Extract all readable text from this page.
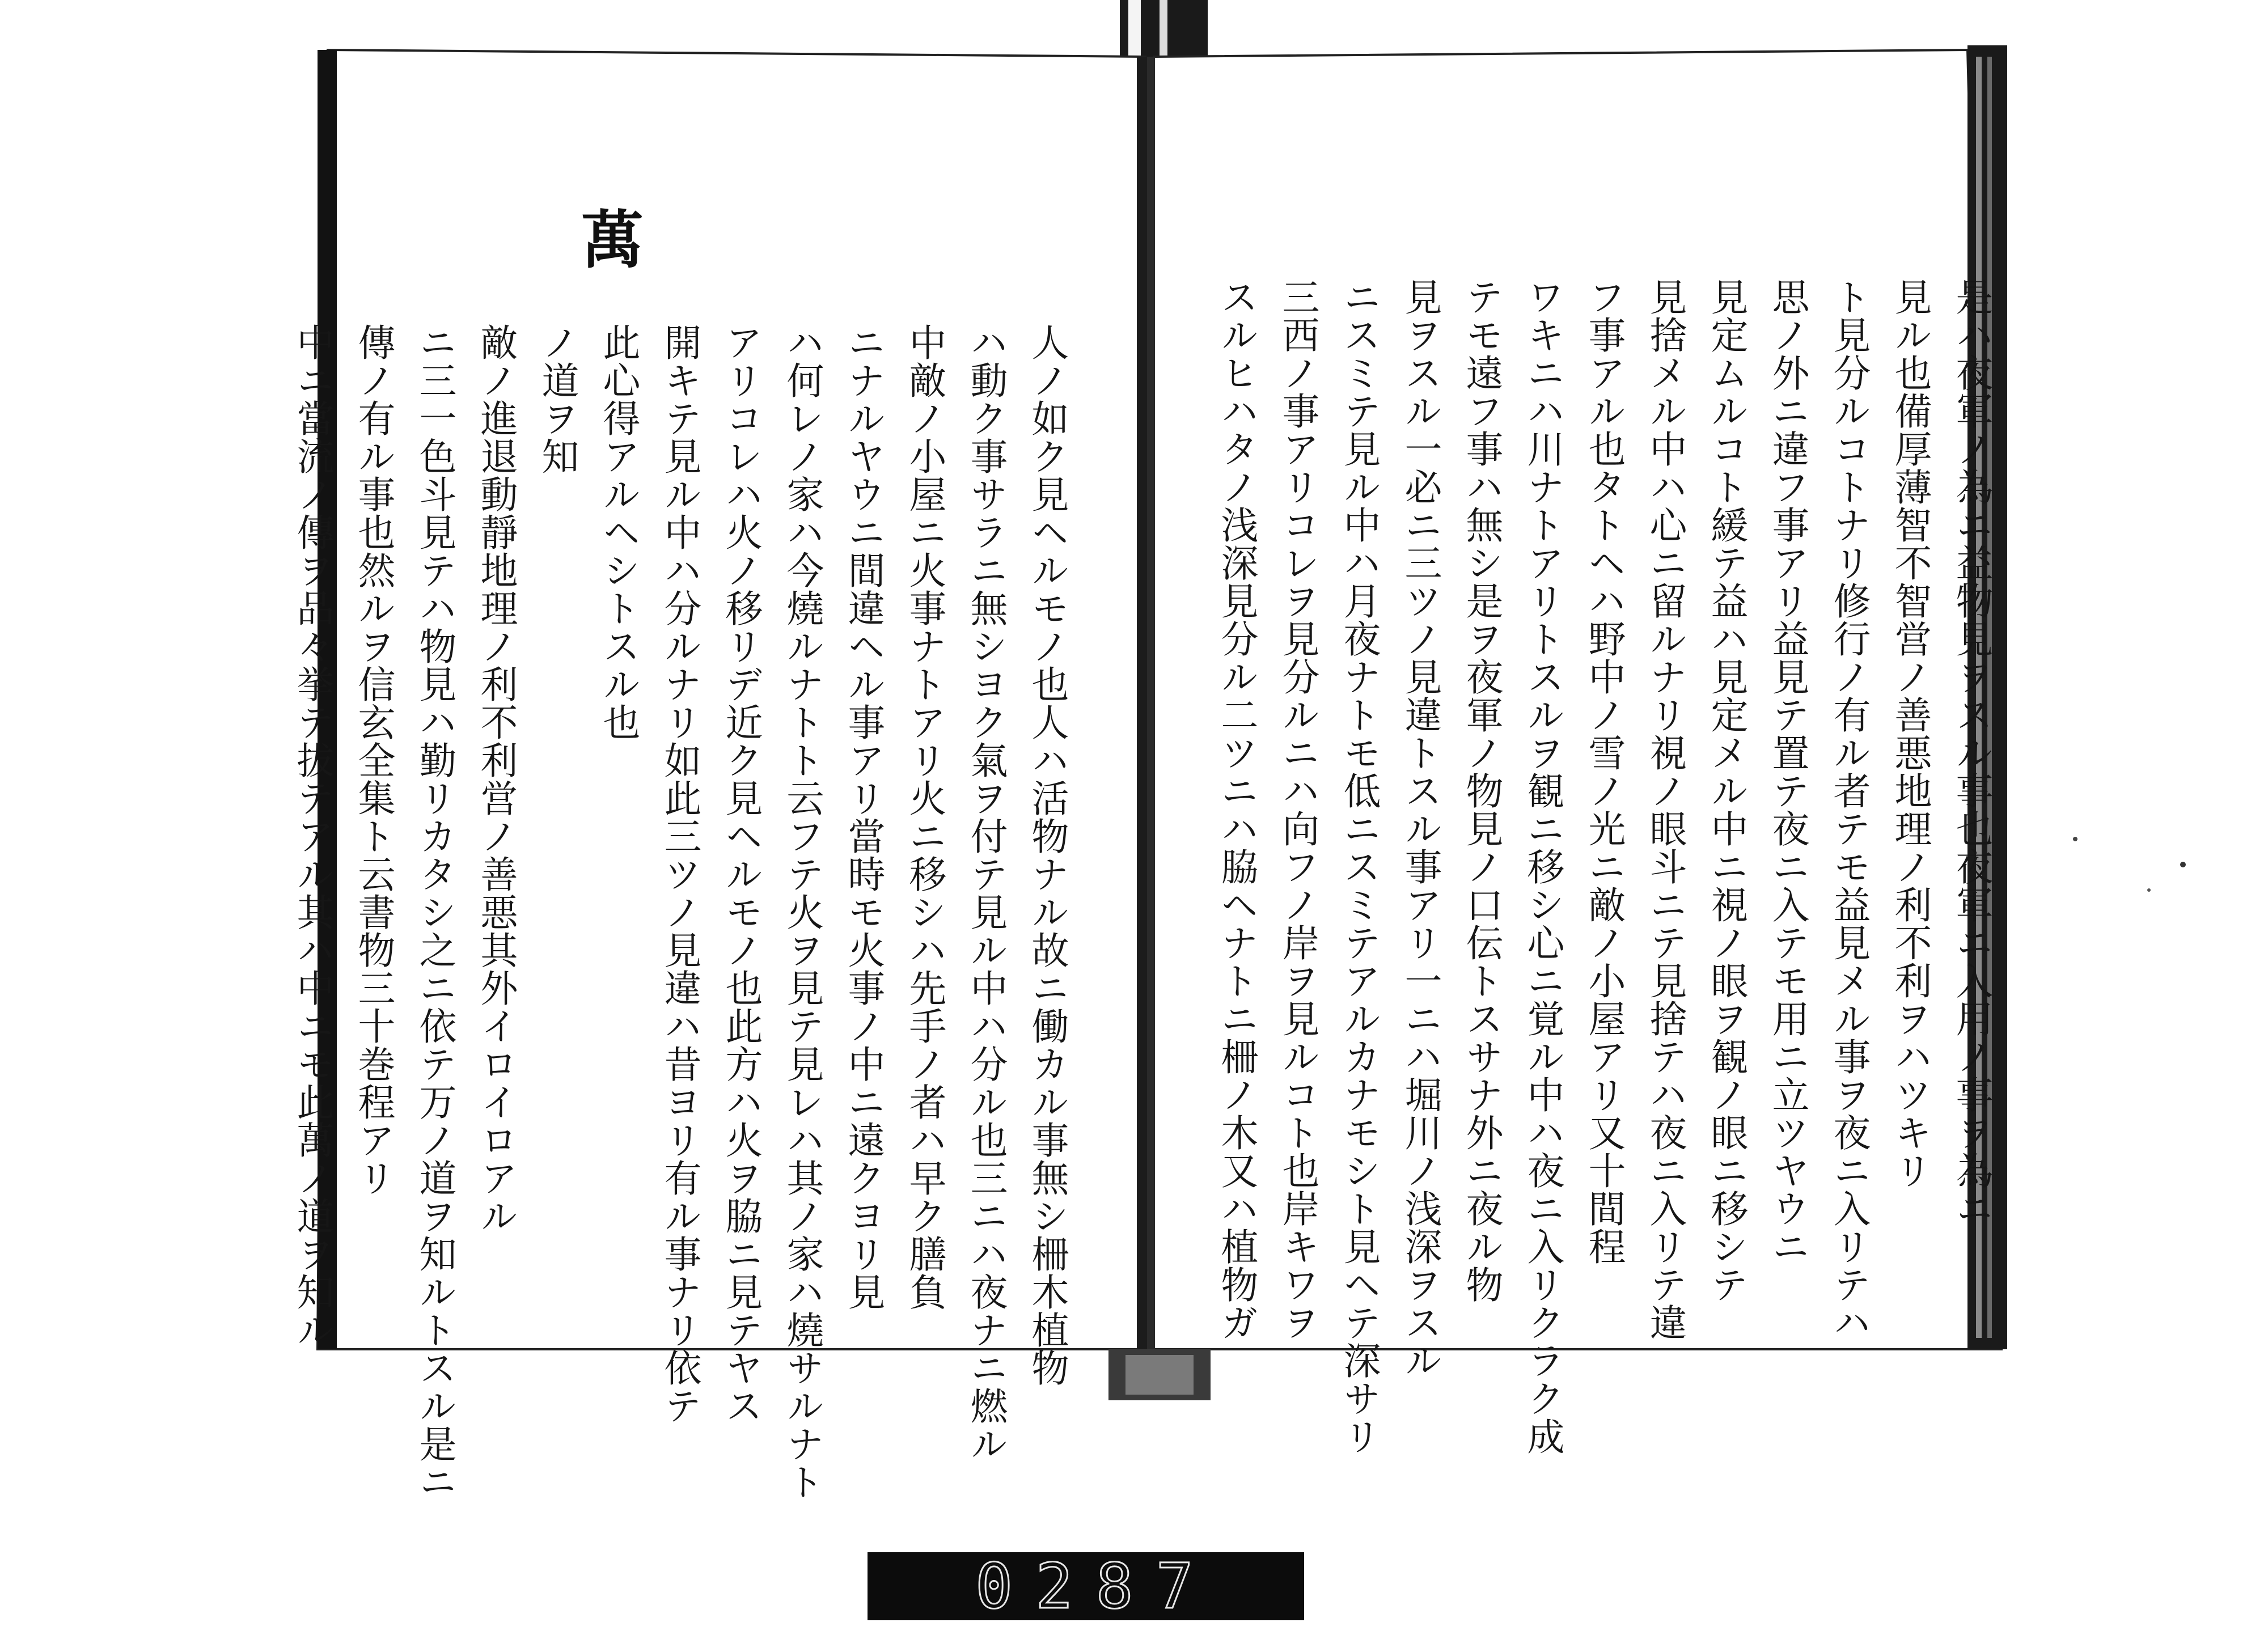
是ハ夜軍ノ為ニ益物見ヲスル事也夜軍ニ入用ノ事ヲ為ニ
見ル也備厚薄智不智営ノ善悪地理ノ利不利ヲハツキリ
ト見分ルコトナリ修行ノ有ル者テモ益見メル事ヲ夜ニ入リテハ
思ノ外ニ違フ事アリ益見テ置テ夜ニ入テモ用ニ立ツヤウニ
見定ムルコト緩テ益ハ見定メル中ニ視ノ眼ヲ観ノ眼ニ移シテ
見捨メル中ハ心ニ留ルナリ視ノ眼斗ニテ見捨テハ夜ニ入リテ違
フ事アル也タトヘハ野中ノ雪ノ光ニ敵ノ小屋アリ又十間程
ワキニハ川ナトアリトスルヲ観ニ移シ心ニ覚ル中ハ夜ニ入リクラク成
テモ遠フ事ハ無シ是ヲ夜軍ノ物見ノ口伝トスサナ外ニ夜ル物
見ヲスル一必ニ三ツノ見違トスル事アリ一ニハ堀川ノ浅深ヲスル
ニスミテ見ル中ハ月夜ナトモ低ニスミテアルカナモシト見ヘテ深サリ
三西ノ事アリコレヲ見分ルニハ向フノ岸ヲ見ルコト也岸キワヲ
スルヒハタノ浅深見分ル二ツニハ脇ヘナトニ柵ノ木又ハ植物ガ
人ノ如ク見ヘルモノ也人ハ活物ナル故ニ働カル事無シ柵木植物
ハ動ク事サラニ無シヨク氣ヲ付テ見ル中ハ分ル也三ニハ夜ナニ燃ル
中敵ノ小屋ニ火事ナトアリ火ニ移シハ先手ノ者ハ早ク膳負
ニナルヤウニ間違ヘル事アリ當時モ火事ノ中ニ遠クヨリ見
ハ何レノ家ハ今燒ルナトト云フテ火ヲ見テ見レハ其ノ家ハ燒サルナト
アリコレハ火ノ移リデ近ク見ヘルモノ也此方ハ火ヲ脇ニ見テヤス
開キテ見ル中ハ分ルナリ如此三ツノ見違ハ昔ヨリ有ル事ナリ依テ
此心得アルヘシトスル也
ノ道ヲ知
敵ノ進退動靜地理ノ利不利営ノ善悪其外イロイロアル
ニ三一色斗見テハ物見ハ勤リカタシ之ニ依テ万ノ道ヲ知ルトスル是ニ
傳ノ有ル事也然ルヲ信玄全集ト云書物三十巻程アリ
中ニ當流ノ傳ヲ品々挙テ拔テアル其ハ中ニモ此萬ノ道ヲ知ル
萬
0287
